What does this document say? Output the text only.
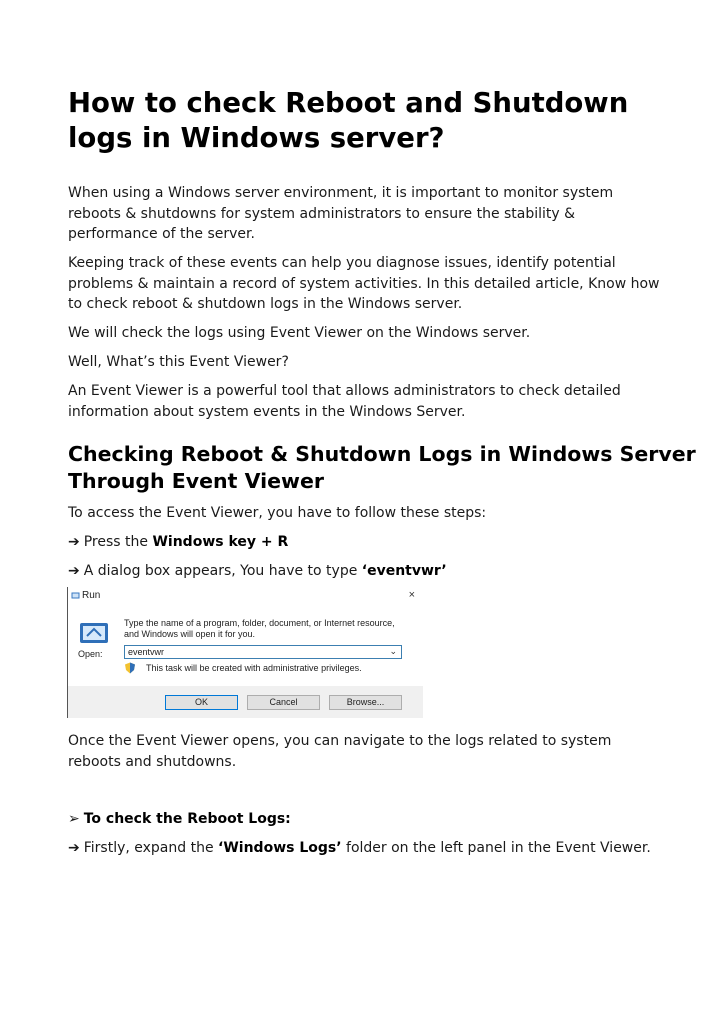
How to check Reboot and Shutdown logs in Windows server?

When using a Windows server environment, it is important to monitor system reboots & shutdowns for system administrators to ensure the stability & performance of the server.

Keeping track of these events can help you diagnose issues, identify potential problems & maintain a record of system activities. In this detailed article, Know how to check reboot & shutdown logs in the Windows server.

We will check the logs using Event Viewer on the Windows server.

Well, What’s this Event Viewer?

An Event Viewer is a powerful tool that allows administrators to check detailed information about system events in the Windows Server.

Checking Reboot & Shutdown Logs in Windows Server Through Event Viewer

To access the Event Viewer, you have to follow these steps:

➔ Press the Windows key + R

➔ A dialog box appears, You have to type ‘eventvwr’

Run	×
Type the name of a program, folder, document, or Internet resource, and Windows will open it for you.
Open:	eventvwr	⌄
This task will be created with administrative privileges.
OK	Cancel	Browse...

Once the Event Viewer opens, you can navigate to the logs related to system reboots and shutdowns.

➢ To check the Reboot Logs:

➔ Firstly, expand the ‘Windows Logs’ folder on the left panel in the Event Viewer.
